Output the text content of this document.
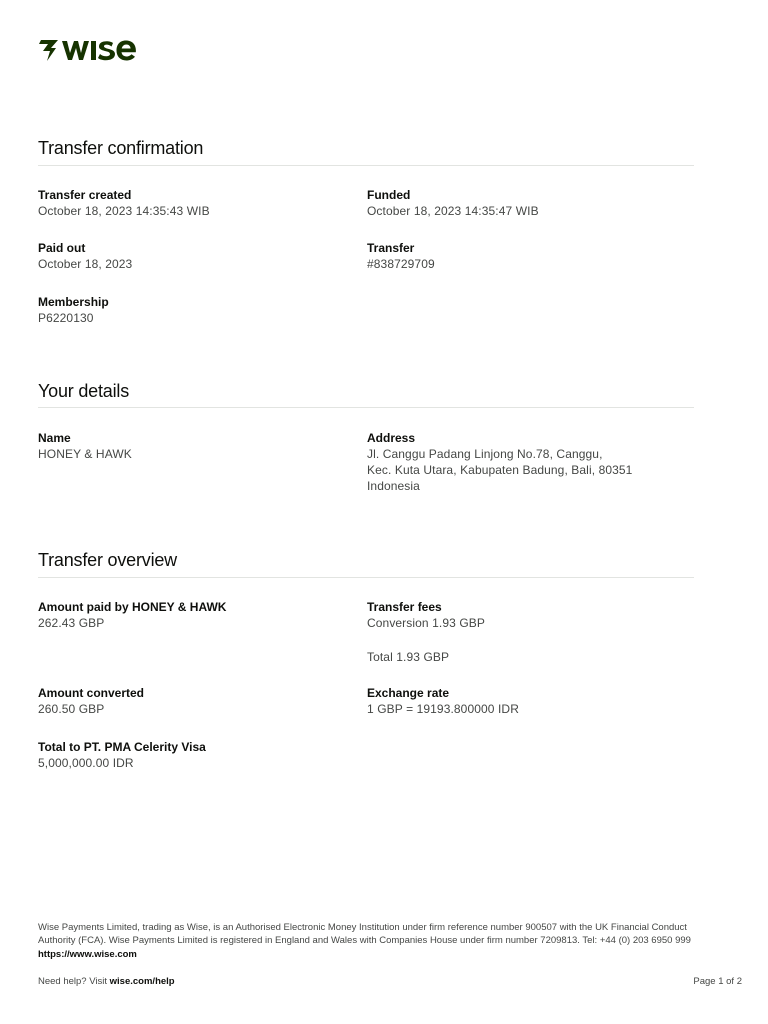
Transfer confirmation

Transfer created

October 18, 2023 14:35:43 WIB

Funded

October 18, 2023 14:35:47 WIB

Paid out

October 18, 2023

Transfer

#838729709

Membership

P6220130

Your details

Name

HONEY & HAWK

Address

Jl. Canggu Padang Linjong No.78, Canggu,

Kec. Kuta Utara, Kabupaten Badung, Bali, 80351

Indonesia

Transfer overview

Amount paid by HONEY & HAWK

262.43 GBP

Transfer fees

Conversion 1.93 GBP

Total 1.93 GBP

Amount converted

260.50 GBP

Exchange rate

1 GBP = 19193.800000 IDR

Total to PT. PMA Celerity Visa

5,000,000.00 IDR

Wise Payments Limited, trading as Wise, is an Authorised Electronic Money Institution under firm reference number 900507 with the UK Financial Conduct Authority (FCA). Wise Payments Limited is registered in England and Wales with Companies House under firm number 7209813. Tel: +44 (0) 203 6950 999 https://www.wise.com

Need help? Visit wise.com/help	Page 1 of 2
